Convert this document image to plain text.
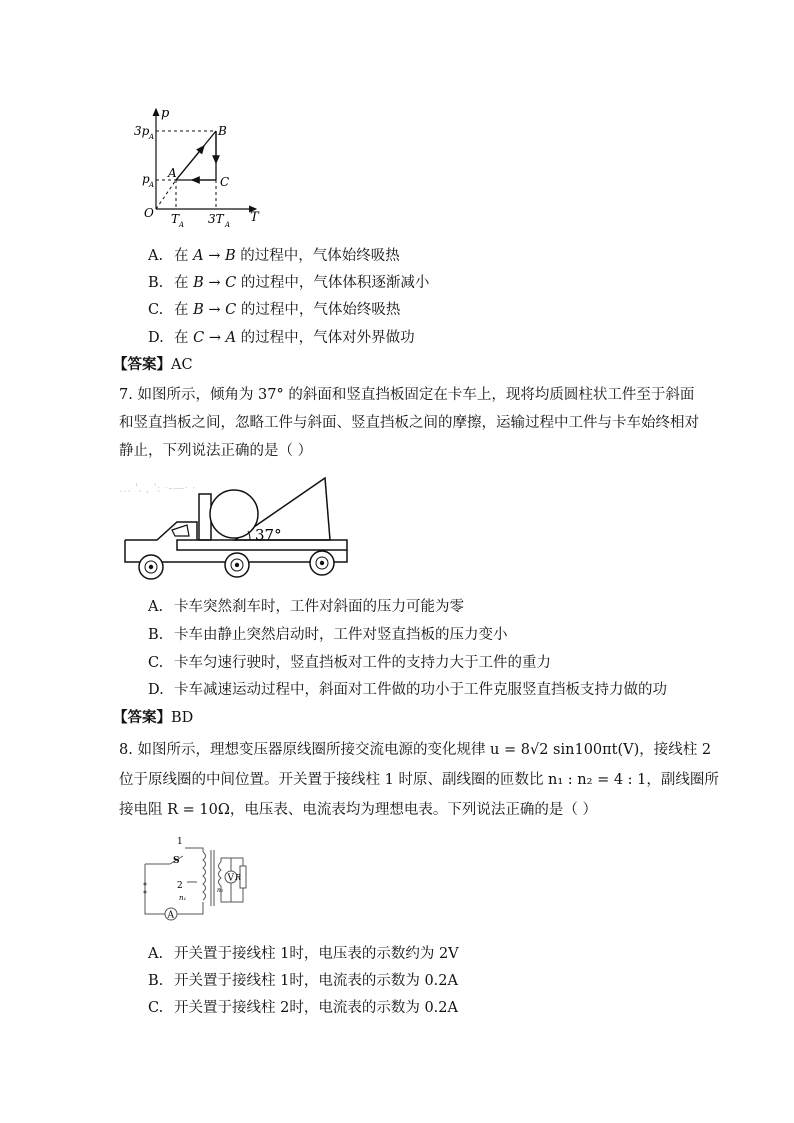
p
T
O
3p A
p A
T A 3T A
A
B
C
A. 在 A → B 的过程中，气体始终吸热
B. 在 B → C 的过程中，气体体积逐渐减小
C. 在 B → C 的过程中，气体始终吸热
D. 在 C → A 的过程中，气体对外界做功
【答案】AC
7. 如图所示，倾角为 37° 的斜面和竖直挡板固定在卡车上，现将均质圆柱状工件至于斜面
和竖直挡板之间，忽略工件与斜面、竖直挡板之间的摩擦，运输过程中工件与卡车始终相对
静止，下列说法正确的是（ ）
… '. , ': ·-—· ·
37°
A. 卡车突然刹车时，工件对斜面的压力可能为零
B. 卡车由静止突然启动时，工件对竖直挡板的压力变小
C. 卡车匀速行驶时，竖直挡板对工件的支持力大于工件的重力
D. 卡车减速运动过程中，斜面对工件做的功小于工件克服竖直挡板支持力做的功
【答案】BD
8. 如图所示，理想变压器原线圈所接交流电源的变化规律 u = 8√2 sin100πt(V)，接线柱 2
位于原线圈的中间位置。开关置于接线柱 1 时原、副线圈的匝数比 n₁ : n₂ = 4 : 1，副线圈所
接电阻 R = 10Ω，电压表、电流表均为理想电表。下列说法正确的是（ ）
A
S
1
2
n₁
n₂
V R
A. 开关置于接线柱 1时，电压表的示数约为 2V
B. 开关置于接线柱 1时，电流表的示数为 0.2A
C. 开关置于接线柱 2时，电流表的示数为 0.2A
